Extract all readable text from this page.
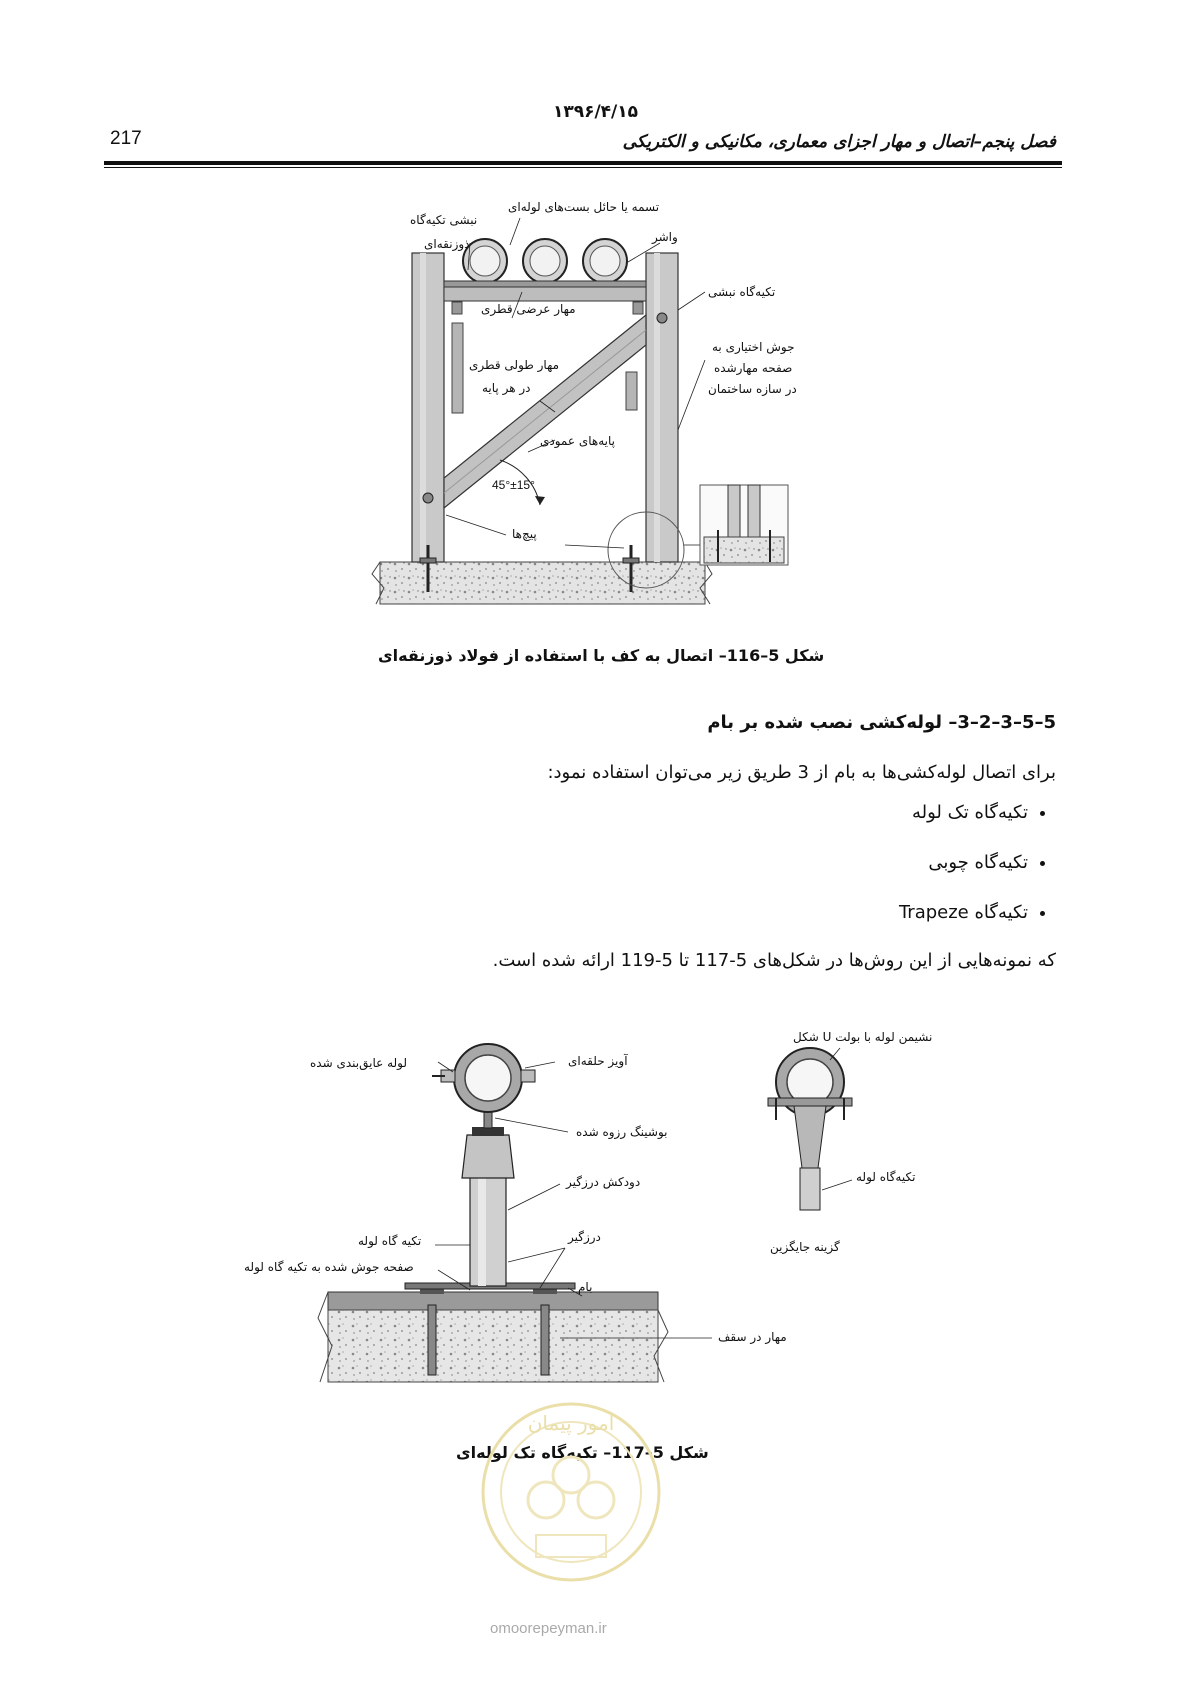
۱۳۹۶/۴/۱۵
217	فصل پنجم–اتصال و مهار اجزای معماری، مکانیکی و الکتریکی
نبشی تکیه‌گاه
ذوزنقه‌ای
تسمه یا حائل بست‌های لوله‌ای
واشر
تکیه‌گاه نبشی
مهار عرضی قطری
مهار طولی قطری
در هر پایه
جوش اختیاری به
صفحه مهارشده
در سازه ساختمان
پایه‌های عمودی
45°±15°
پیچ‌ها
شکل 5–116– اتصال به کف با استفاده از فولاد ذوزنقه‌ای
5–5–3–2–3– لوله‌کشی نصب شده بر بام
برای اتصال لوله‌کشی‌ها به بام از 3 طریق زیر می‌توان استفاده نمود:
• تکیه‌گاه تک لوله
• تکیه‌گاه چوبی
• تکیه‌گاه Trapeze
که نمونه‌هایی از این روش‌ها در شکل‌های 5-117 تا 5-119 ارائه شده است.
لوله عایق‌بندی شده	آویز حلقه‌ای
بوشینگ رزوه شده
دودکش درزگیر
تکیه گاه لوله	درزگیر
صفحه جوش شده به تکیه گاه لوله
بام
مهار در سقف
نشیمن لوله با بولت U شکل
تکیه‌گاه لوله
گزینه جایگزین
شکل 5–117– تکیه‌گاه تک لوله‌ای
امور پیمان
omoorepeyman.ir
